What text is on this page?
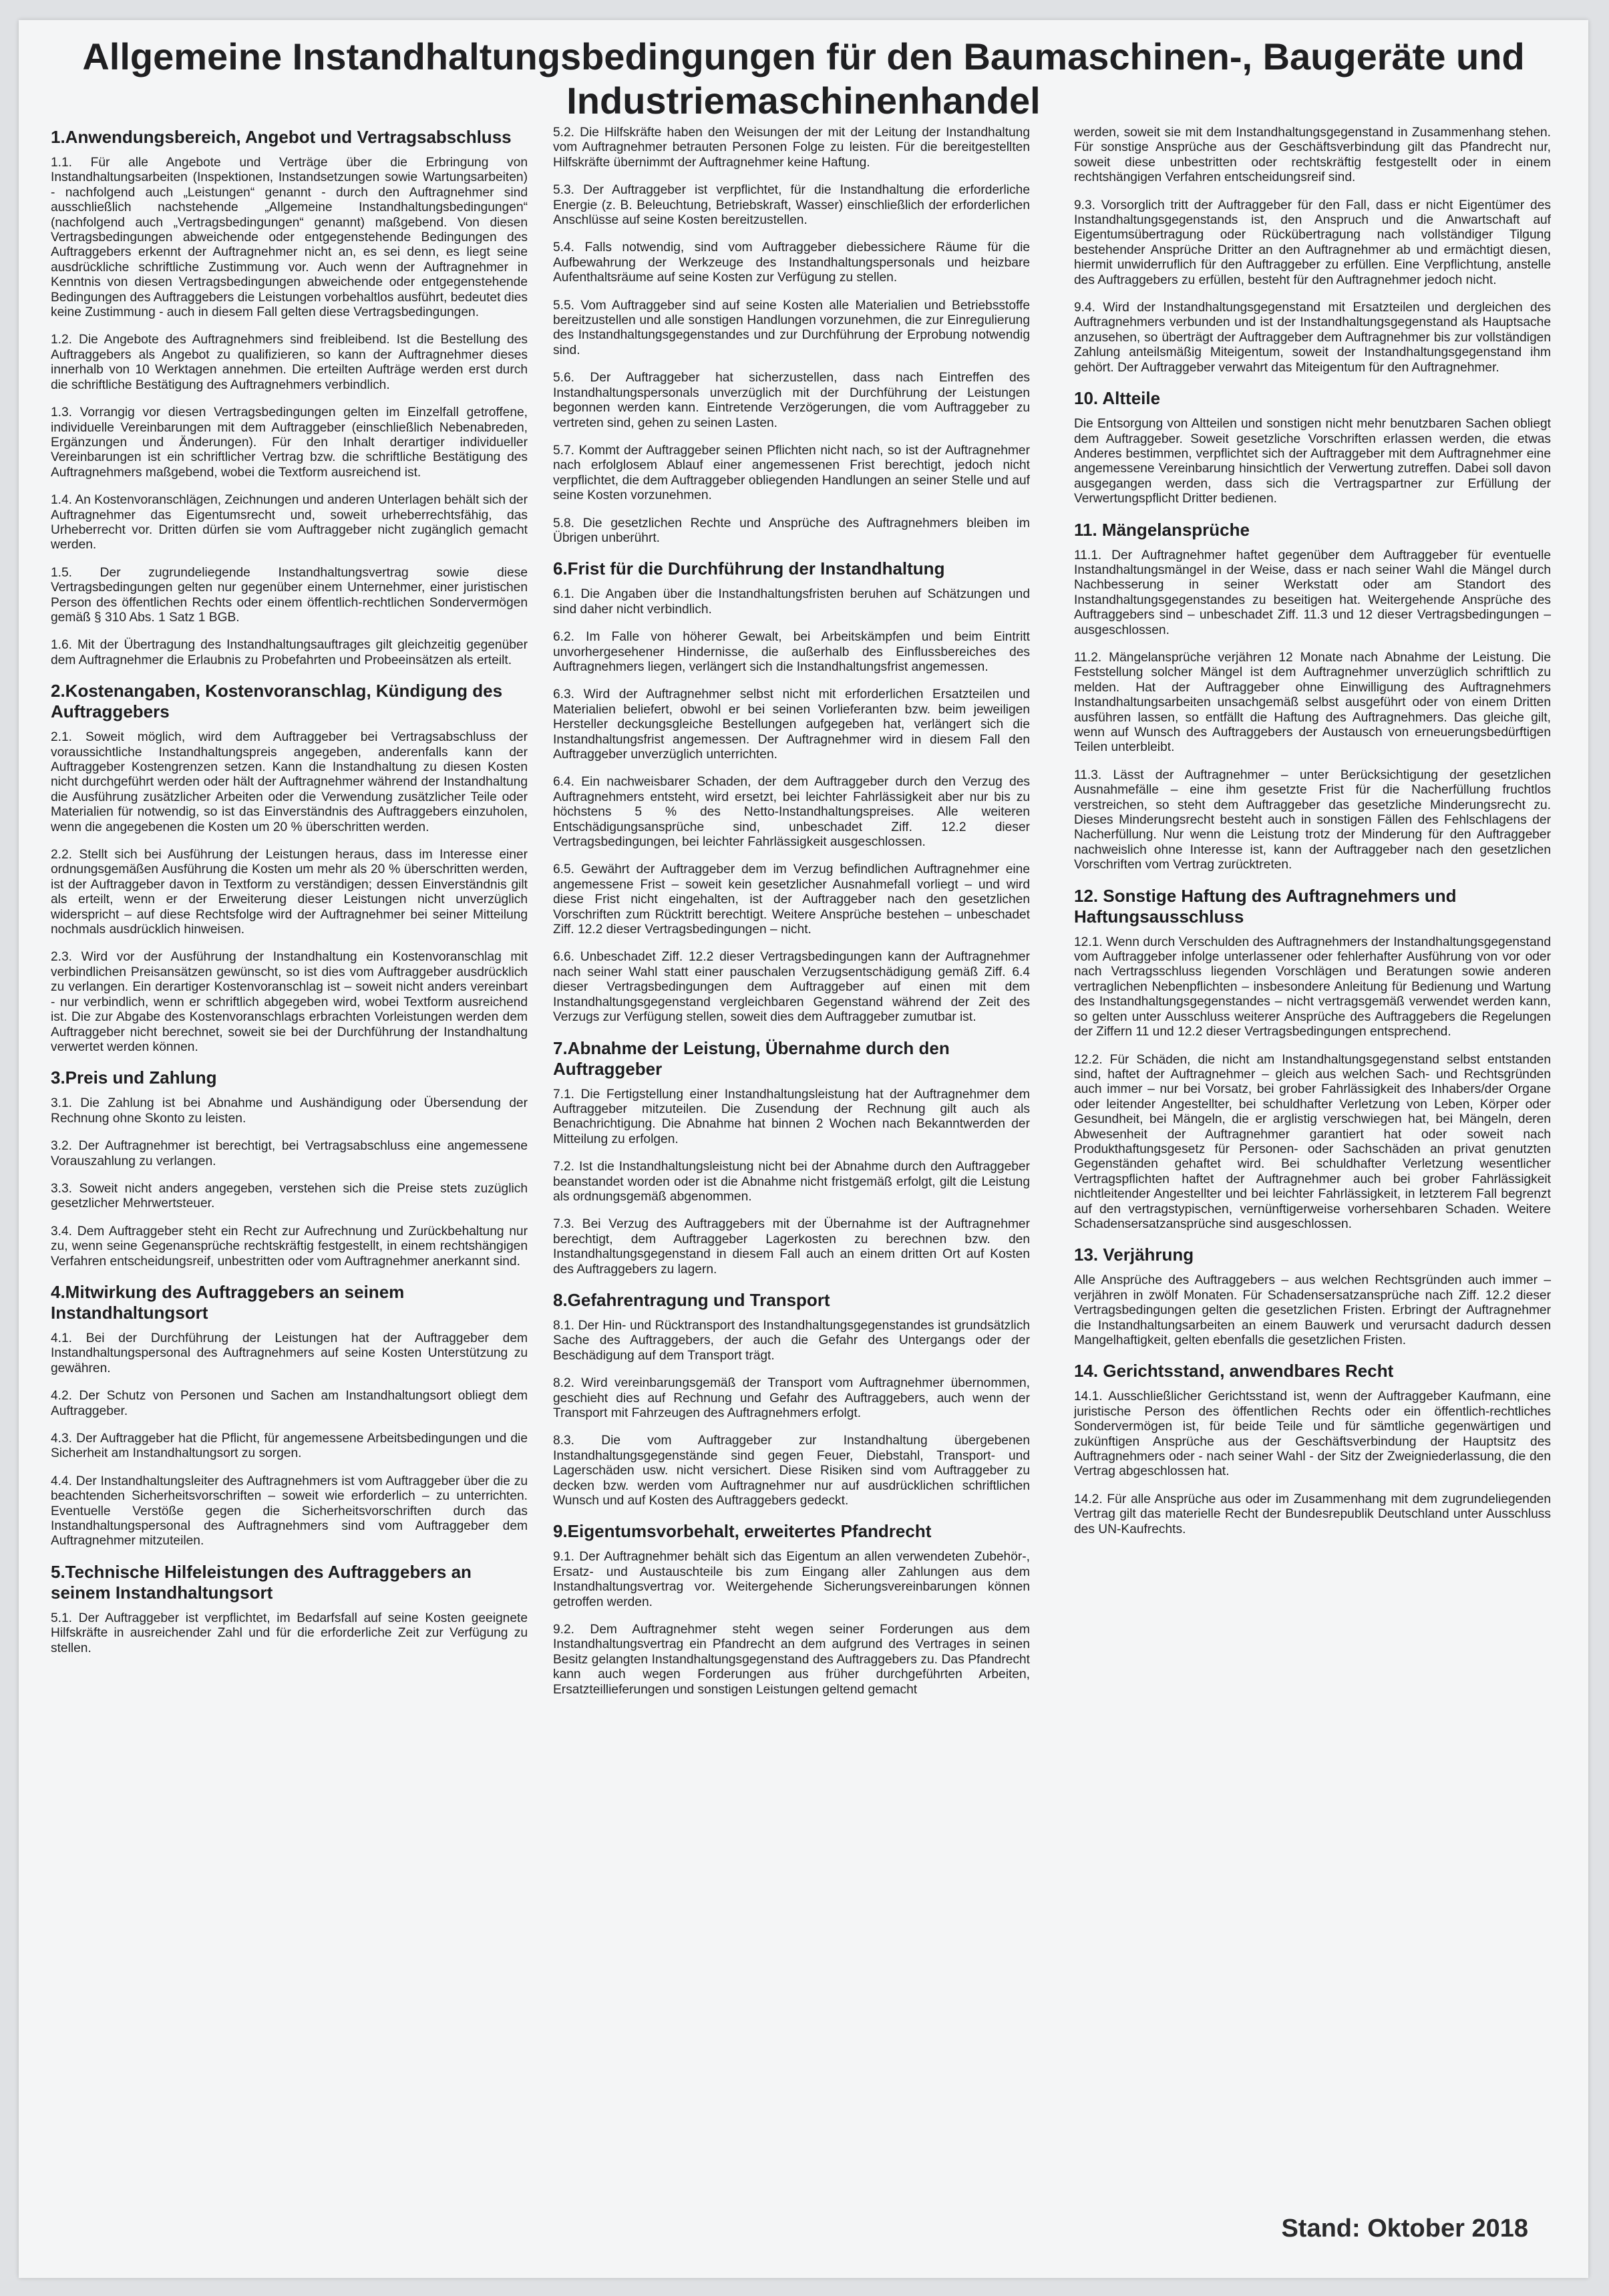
Allgemeine Instandhaltungsbedingungen für den Baumaschinen-, Baugeräte und Industriemaschinenhandel
1.Anwendungsbereich, Angebot und Vertragsabschluss

1.1. Für alle Angebote und Verträge über die Erbringung von Instandhaltungsarbeiten (Inspektionen, Instandsetzungen sowie Wartungsarbeiten) - nachfolgend auch „Leistungen“ genannt - durch den Auftragnehmer sind ausschließlich nachstehende „Allgemeine Instandhaltungsbedingungen“ (nachfolgend auch „Vertragsbedingungen“ genannt) maßgebend. Von diesen Vertragsbedingungen abweichende oder entgegenstehende Bedingungen des Auftraggebers erkennt der Auftragnehmer nicht an, es sei denn, es liegt seine ausdrückliche schriftliche Zustimmung vor. Auch wenn der Auftragnehmer in Kenntnis von diesen Vertragsbedingungen abweichende oder entgegenstehende Bedingungen des Auftraggebers die Leistungen vorbehaltlos ausführt, bedeutet dies keine Zustimmung - auch in diesem Fall gelten diese Vertragsbedingungen.

1.2. Die Angebote des Auftragnehmers sind freibleibend. Ist die Bestellung des Auftraggebers als Angebot zu qualifizieren, so kann der Auftragnehmer dieses innerhalb von 10 Werktagen annehmen. Die erteilten Aufträge werden erst durch die schriftliche Bestätigung des Auftragnehmers verbindlich.

1.3. Vorrangig vor diesen Vertragsbedingungen gelten im Einzelfall getroffene, individuelle Vereinbarungen mit dem Auftraggeber (einschließlich Nebenabreden, Ergänzungen und Änderungen). Für den Inhalt derartiger individueller Vereinbarungen ist ein schriftlicher Vertrag bzw. die schriftliche Bestätigung des Auftragnehmers maßgebend, wobei die Textform ausreichend ist.

1.4. An Kostenvoranschlägen, Zeichnungen und anderen Unterlagen behält sich der Auftragnehmer das Eigentumsrecht und, soweit urheberrechtsfähig, das Urheberrecht vor. Dritten dürfen sie vom Auftraggeber nicht zugänglich gemacht werden.

1.5. Der zugrundeliegende Instandhaltungsvertrag sowie diese Vertragsbedingungen gelten nur gegenüber einem Unternehmer, einer juristischen Person des öffentlichen Rechts oder einem öffentlich-rechtlichen Sondervermögen gemäß § 310 Abs. 1 Satz 1 BGB.

1.6. Mit der Übertragung des Instandhaltungsauftrages gilt gleichzeitig gegenüber dem Auftragnehmer die Erlaubnis zu Probefahrten und Probeeinsätzen als erteilt.

2.Kostenangaben, Kostenvoranschlag, Kündigung des Auftraggebers

2.1. Soweit möglich, wird dem Auftraggeber bei Vertragsabschluss der voraussichtliche Instandhaltungspreis angegeben, anderenfalls kann der Auftraggeber Kostengrenzen setzen. Kann die Instandhaltung zu diesen Kosten nicht durchgeführt werden oder hält der Auftragnehmer während der Instandhaltung die Ausführung zusätzlicher Arbeiten oder die Verwendung zusätzlicher Teile oder Materialien für notwendig, so ist das Einverständnis des Auftraggebers einzuholen, wenn die angegebenen die Kosten um 20 % überschritten werden.

2.2. Stellt sich bei Ausführung der Leistungen heraus, dass im Interesse einer ordnungsgemäßen Ausführung die Kosten um mehr als 20 % überschritten werden, ist der Auftraggeber davon in Textform zu verständigen; dessen Einverständnis gilt als erteilt, wenn er der Erweiterung dieser Leistungen nicht unverzüglich widerspricht – auf diese Rechtsfolge wird der Auftragnehmer bei seiner Mitteilung nochmals ausdrücklich hinweisen.

2.3. Wird vor der Ausführung der Instandhaltung ein Kostenvoranschlag mit verbindlichen Preisansätzen gewünscht, so ist dies vom Auftraggeber ausdrücklich zu verlangen. Ein derartiger Kostenvoranschlag ist – soweit nicht anders vereinbart - nur verbindlich, wenn er schriftlich abgegeben wird, wobei Textform ausreichend ist. Die zur Abgabe des Kostenvoranschlags erbrachten Vorleistungen werden dem Auftraggeber nicht berechnet, soweit sie bei der Durchführung der Instandhaltung verwertet werden können.

3.Preis und Zahlung

3.1. Die Zahlung ist bei Abnahme und Aushändigung oder Übersendung der Rechnung ohne Skonto zu leisten.

3.2. Der Auftragnehmer ist berechtigt, bei Vertragsabschluss eine angemessene Vorauszahlung zu verlangen.

3.3. Soweit nicht anders angegeben, verstehen sich die Preise stets zuzüglich gesetzlicher Mehrwertsteuer.

3.4. Dem Auftraggeber steht ein Recht zur Aufrechnung und Zurückbehaltung nur zu, wenn seine Gegenansprüche rechtskräftig festgestellt, in einem rechtshängigen Verfahren entscheidungsreif, unbestritten oder vom Auftragnehmer anerkannt sind.

4.Mitwirkung des Auftraggebers an seinem Instandhaltungsort

4.1. Bei der Durchführung der Leistungen hat der Auftraggeber dem Instandhaltungspersonal des Auftragnehmers auf seine Kosten Unterstützung zu gewähren.

4.2. Der Schutz von Personen und Sachen am Instandhaltungsort obliegt dem Auftraggeber.

4.3. Der Auftraggeber hat die Pflicht, für angemessene Arbeitsbedingungen und die Sicherheit am Instandhaltungsort zu sorgen.

4.4. Der Instandhaltungsleiter des Auftragnehmers ist vom Auftraggeber über die zu beachtenden Sicherheitsvorschriften – soweit wie erforderlich – zu unterrichten. Eventuelle Verstöße gegen die Sicherheitsvorschriften durch das Instandhaltungspersonal des Auftragnehmers sind vom Auftraggeber dem Auftragnehmer mitzuteilen.

5.Technische Hilfeleistungen des Auftraggebers an seinem Instandhaltungsort

5.1. Der Auftraggeber ist verpflichtet, im Bedarfsfall auf seine Kosten geeignete Hilfskräfte in ausreichender Zahl und für die erforderliche Zeit zur Verfügung zu stellen.

5.2. Die Hilfskräfte haben den Weisungen der mit der Leitung der Instandhaltung vom Auftragnehmer betrauten Personen Folge zu leisten. Für die bereitgestellten Hilfskräfte übernimmt der Auftragnehmer keine Haftung.

5.3. Der Auftraggeber ist verpflichtet, für die Instandhaltung die erforderliche Energie (z. B. Beleuchtung, Betriebskraft, Wasser) einschließlich der erforderlichen Anschlüsse auf seine Kosten bereitzustellen.

5.4. Falls notwendig, sind vom Auftraggeber diebessichere Räume für die Aufbewahrung der Werkzeuge des Instandhaltungspersonals und heizbare Aufenthaltsräume auf seine Kosten zur Verfügung zu stellen.

5.5. Vom Auftraggeber sind auf seine Kosten alle Materialien und Betriebsstoffe bereitzustellen und alle sonstigen Handlungen vorzunehmen, die zur Einregulierung des Instandhaltungsgegenstandes und zur Durchführung der Erprobung notwendig sind.

5.6. Der Auftraggeber hat sicherzustellen, dass nach Eintreffen des Instandhaltungspersonals unverzüglich mit der Durchführung der Leistungen begonnen werden kann. Eintretende Verzögerungen, die vom Auftraggeber zu vertreten sind, gehen zu seinen Lasten.

5.7. Kommt der Auftraggeber seinen Pflichten nicht nach, so ist der Auftragnehmer nach erfolglosem Ablauf einer angemessenen Frist berechtigt, jedoch nicht verpflichtet, die dem Auftraggeber obliegenden Handlungen an seiner Stelle und auf seine Kosten vorzunehmen.

5.8. Die gesetzlichen Rechte und Ansprüche des Auftragnehmers bleiben im Übrigen unberührt.

6.Frist für die Durchführung der Instandhaltung

6.1. Die Angaben über die Instandhaltungsfristen beruhen auf Schätzungen und sind daher nicht verbindlich.

6.2. Im Falle von höherer Gewalt, bei Arbeitskämpfen und beim Eintritt unvorhergesehener Hindernisse, die außerhalb des Einflussbereiches des Auftragnehmers liegen, verlängert sich die Instandhaltungsfrist angemessen.

6.3. Wird der Auftragnehmer selbst nicht mit erforderlichen Ersatzteilen und Materialien beliefert, obwohl er bei seinen Vorlieferanten bzw. beim jeweiligen Hersteller deckungsgleiche Bestellungen aufgegeben hat, verlängert sich die Instandhaltungsfrist angemessen. Der Auftragnehmer wird in diesem Fall den Auftraggeber unverzüglich unterrichten.

6.4. Ein nachweisbarer Schaden, der dem Auftraggeber durch den Verzug des Auftragnehmers entsteht, wird ersetzt, bei leichter Fahrlässigkeit aber nur bis zu höchstens 5 % des Netto-Instandhaltungspreises. Alle weiteren Entschädigungsansprüche sind, unbeschadet Ziff. 12.2 dieser Vertragsbedingungen, bei leichter Fahrlässigkeit ausgeschlossen.

6.5. Gewährt der Auftraggeber dem im Verzug befindlichen Auftragnehmer eine angemessene Frist – soweit kein gesetzlicher Ausnahmefall vorliegt – und wird diese Frist nicht eingehalten, ist der Auftraggeber nach den gesetzlichen Vorschriften zum Rücktritt berechtigt. Weitere Ansprüche bestehen – unbeschadet Ziff. 12.2 dieser Vertragsbedingungen – nicht.

6.6. Unbeschadet Ziff. 12.2 dieser Vertragsbedingungen kann der Auftragnehmer nach seiner Wahl statt einer pauschalen Verzugsentschädigung gemäß Ziff. 6.4 dieser Vertragsbedingungen dem Auftraggeber auf einen mit dem Instandhaltungsgegenstand vergleichbaren Gegenstand während der Zeit des Verzugs zur Verfügung stellen, soweit dies dem Auftraggeber zumutbar ist.

7.Abnahme der Leistung, Übernahme durch den Auftraggeber

7.1. Die Fertigstellung einer Instandhaltungsleistung hat der Auftragnehmer dem Auftraggeber mitzuteilen. Die Zusendung der Rechnung gilt auch als Benachrichtigung. Die Abnahme hat binnen 2 Wochen nach Bekanntwerden der Mitteilung zu erfolgen.

7.2. Ist die Instandhaltungsleistung nicht bei der Abnahme durch den Auftraggeber beanstandet worden oder ist die Abnahme nicht fristgemäß erfolgt, gilt die Leistung als ordnungsgemäß abgenommen.

7.3. Bei Verzug des Auftraggebers mit der Übernahme ist der Auftragnehmer berechtigt, dem Auftraggeber Lagerkosten zu berechnen bzw. den Instandhaltungsgegenstand in diesem Fall auch an einem dritten Ort auf Kosten des Auftraggebers zu lagern.

8.Gefahrentragung und Transport

8.1. Der Hin- und Rücktransport des Instandhaltungsgegenstandes ist grundsätzlich Sache des Auftraggebers, der auch die Gefahr des Untergangs oder der Beschädigung auf dem Transport trägt.

8.2. Wird vereinbarungsgemäß der Transport vom Auftragnehmer übernommen, geschieht dies auf Rechnung und Gefahr des Auftraggebers, auch wenn der Transport mit Fahrzeugen des Auftragnehmers erfolgt.

8.3. Die vom Auftraggeber zur Instandhaltung übergebenen Instandhaltungsgegenstände sind gegen Feuer, Diebstahl, Transport- und Lagerschäden usw. nicht versichert. Diese Risiken sind vom Auftraggeber zu decken bzw. werden vom Auftragnehmer nur auf ausdrücklichen schriftlichen Wunsch und auf Kosten des Auftraggebers gedeckt.

9.Eigentumsvorbehalt, erweitertes Pfandrecht

9.1. Der Auftragnehmer behält sich das Eigentum an allen verwendeten Zubehör-, Ersatz- und Austauschteile bis zum Eingang aller Zahlungen aus dem Instandhaltungsvertrag vor. Weitergehende Sicherungsvereinbarungen können getroffen werden.

9.2. Dem Auftragnehmer steht wegen seiner Forderungen aus dem Instandhaltungsvertrag ein Pfandrecht an dem aufgrund des Vertrages in seinen Besitz gelangten Instandhaltungsgegenstand des Auftraggebers zu. Das Pfandrecht kann auch wegen Forderungen aus früher durchgeführten Arbeiten, Ersatzteillieferungen und sonstigen Leistungen geltend gemacht

werden, soweit sie mit dem Instandhaltungsgegenstand in Zusammenhang stehen. Für sonstige Ansprüche aus der Geschäftsverbindung gilt das Pfandrecht nur, soweit diese unbestritten oder rechtskräftig festgestellt oder in einem rechtshängigen Verfahren entscheidungsreif sind.

9.3. Vorsorglich tritt der Auftraggeber für den Fall, dass er nicht Eigentümer des Instandhaltungsgegenstands ist, den Anspruch und die Anwartschaft auf Eigentumsübertragung oder Rückübertragung nach vollständiger Tilgung bestehender Ansprüche Dritter an den Auftragnehmer ab und ermächtigt diesen, hiermit unwiderruflich für den Auftraggeber zu erfüllen. Eine Verpflichtung, anstelle des Auftraggebers zu erfüllen, besteht für den Auftragnehmer jedoch nicht.

9.4. Wird der Instandhaltungsgegenstand mit Ersatzteilen und dergleichen des Auftragnehmers verbunden und ist der Instandhaltungsgegenstand als Hauptsache anzusehen, so überträgt der Auftraggeber dem Auftragnehmer bis zur vollständigen Zahlung anteilsmäßig Miteigentum, soweit der Instandhaltungsgegenstand ihm gehört. Der Auftraggeber verwahrt das Miteigentum für den Auftragnehmer.

10. Altteile

Die Entsorgung von Altteilen und sonstigen nicht mehr benutzbaren Sachen obliegt dem Auftraggeber. Soweit gesetzliche Vorschriften erlassen werden, die etwas Anderes bestimmen, verpflichtet sich der Auftraggeber mit dem Auftragnehmer eine angemessene Vereinbarung hinsichtlich der Verwertung zutreffen. Dabei soll davon ausgegangen werden, dass sich die Vertragspartner zur Erfüllung der Verwertungspflicht Dritter bedienen.

11. Mängelansprüche

11.1. Der Auftragnehmer haftet gegenüber dem Auftraggeber für eventuelle Instandhaltungsmängel in der Weise, dass er nach seiner Wahl die Mängel durch Nachbesserung in seiner Werkstatt oder am Standort des Instandhaltungsgegenstandes zu beseitigen hat. Weitergehende Ansprüche des Auftraggebers sind – unbeschadet Ziff. 11.3 und 12 dieser Vertragsbedingungen – ausgeschlossen.

11.2. Mängelansprüche verjähren 12 Monate nach Abnahme der Leistung. Die Feststellung solcher Mängel ist dem Auftragnehmer unverzüglich schriftlich zu melden. Hat der Auftraggeber ohne Einwilligung des Auftragnehmers Instandhaltungsarbeiten unsachgemäß selbst ausgeführt oder von einem Dritten ausführen lassen, so entfällt die Haftung des Auftragnehmers. Das gleiche gilt, wenn auf Wunsch des Auftraggebers der Austausch von erneuerungsbedürftigen Teilen unterbleibt.

11.3. Lässt der Auftragnehmer – unter Berücksichtigung der gesetzlichen Ausnahmefälle – eine ihm gesetzte Frist für die Nacherfüllung fruchtlos verstreichen, so steht dem Auftraggeber das gesetzliche Minderungsrecht zu. Dieses Minderungsrecht besteht auch in sonstigen Fällen des Fehlschlagens der Nacherfüllung. Nur wenn die Leistung trotz der Minderung für den Auftraggeber nachweislich ohne Interesse ist, kann der Auftraggeber nach den gesetzlichen Vorschriften vom Vertrag zurücktreten.

12. Sonstige Haftung des Auftragnehmers und Haftungsausschluss

12.1. Wenn durch Verschulden des Auftragnehmers der Instandhaltungsgegenstand vom Auftraggeber infolge unterlassener oder fehlerhafter Ausführung von vor oder nach Vertragsschluss liegenden Vorschlägen und Beratungen sowie anderen vertraglichen Nebenpflichten – insbesondere Anleitung für Bedienung und Wartung des Instandhaltungsgegenstandes – nicht vertragsgemäß verwendet werden kann, so gelten unter Ausschluss weiterer Ansprüche des Auftraggebers die Regelungen der Ziffern 11 und 12.2 dieser Vertragsbedingungen entsprechend.

12.2. Für Schäden, die nicht am Instandhaltungsgegenstand selbst entstanden sind, haftet der Auftragnehmer – gleich aus welchen Sach- und Rechtsgründen auch immer – nur bei Vorsatz, bei grober Fahrlässigkeit des Inhabers/der Organe oder leitender Angestellter, bei schuldhafter Verletzung von Leben, Körper oder Gesundheit, bei Mängeln, die er arglistig verschwiegen hat, bei Mängeln, deren Abwesenheit der Auftragnehmer garantiert hat oder soweit nach Produkthaftungsgesetz für Personen- oder Sachschäden an privat genutzten Gegenständen gehaftet wird. Bei schuldhafter Verletzung wesentlicher Vertragspflichten haftet der Auftragnehmer auch bei grober Fahrlässigkeit nichtleitender Angestellter und bei leichter Fahrlässigkeit, in letzterem Fall begrenzt auf den vertragstypischen, vernünftigerweise vorhersehbaren Schaden. Weitere Schadensersatzansprüche sind ausgeschlossen.

13. Verjährung

Alle Ansprüche des Auftraggebers – aus welchen Rechtsgründen auch immer – verjähren in zwölf Monaten. Für Schadensersatzansprüche nach Ziff. 12.2 dieser Vertragsbedingungen gelten die gesetzlichen Fristen. Erbringt der Auftragnehmer die Instandhaltungsarbeiten an einem Bauwerk und verursacht dadurch dessen Mangelhaftigkeit, gelten ebenfalls die gesetzlichen Fristen.

14. Gerichtsstand, anwendbares Recht

14.1. Ausschließlicher Gerichtsstand ist, wenn der Auftraggeber Kaufmann, eine juristische Person des öffentlichen Rechts oder ein öffentlich-rechtliches Sondervermögen ist, für beide Teile und für sämtliche gegenwärtigen und zukünftigen Ansprüche aus der Geschäftsverbindung der Hauptsitz des Auftragnehmers oder - nach seiner Wahl - der Sitz der Zweigniederlassung, die den Vertrag abgeschlossen hat.

14.2. Für alle Ansprüche aus oder im Zusammenhang mit dem zugrundeliegenden Vertrag gilt das materielle Recht der Bundesrepublik Deutschland unter Ausschluss des UN-Kaufrechts.

Stand: Oktober 2018
